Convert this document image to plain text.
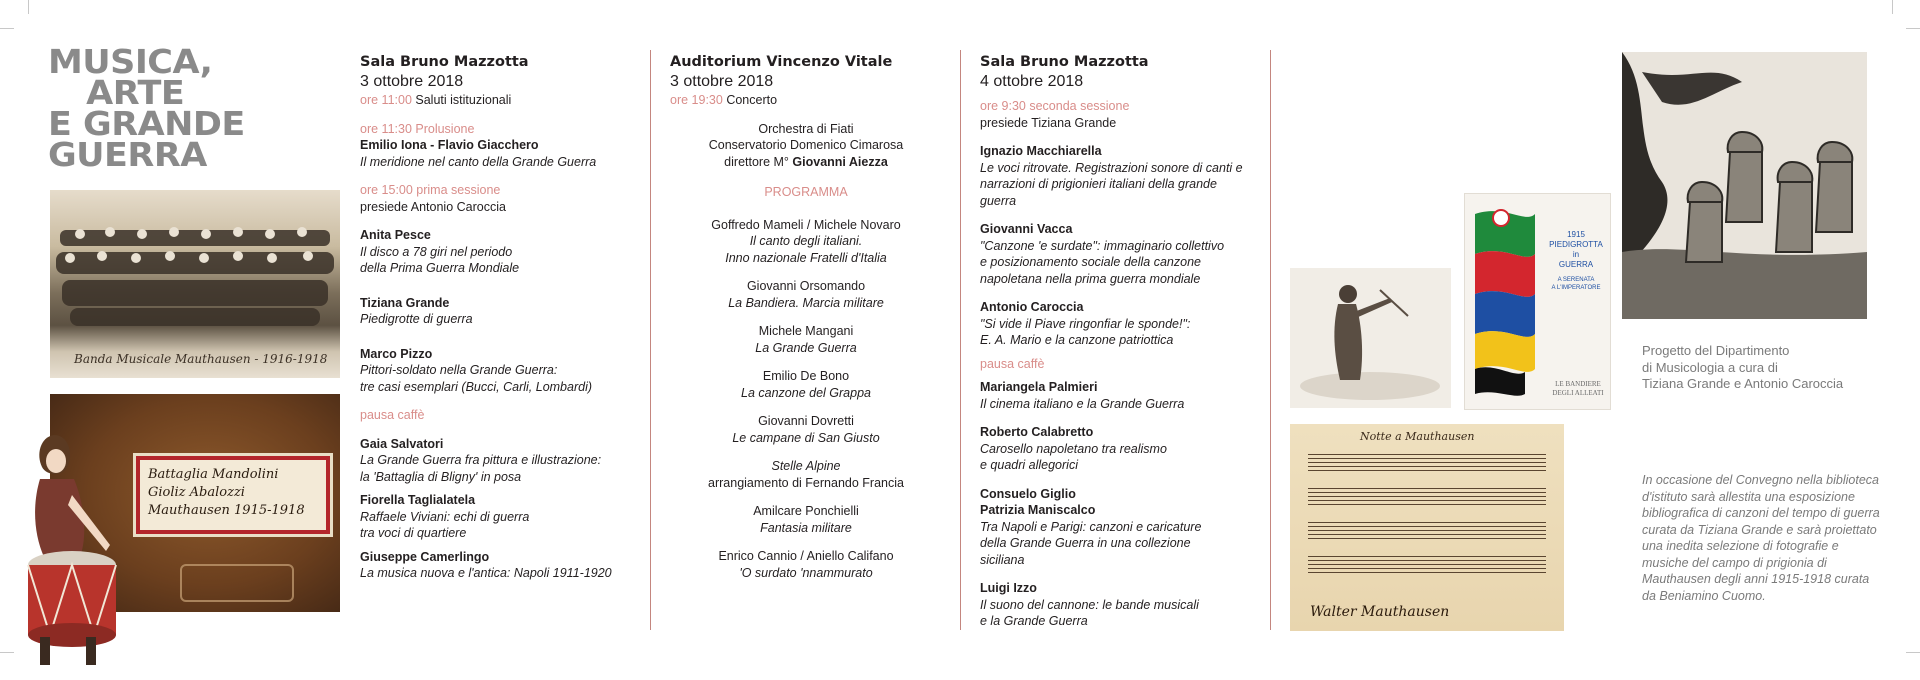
MUSICA,
ARTE
E GRANDE
GUERRA
Banda Musicale Mauthausen - 1916-1918
Battaglia Mandolini
Gioliz Abalozzi
Mauthausen 1915-1918

Sala Bruno Mazzotta

3 ottobre 2018

ore 11:00 Saluti istituzionali

ore 11:30 Prolusione

Emilio Iona - Flavio Giacchero

Il meridione nel canto della Grande Guerra

ore 15:00 prima sessione

presiede Antonio Caroccia

Anita Pesce

Il disco a 78 giri nel periodo

della Prima Guerra Mondiale

Tiziana Grande

Piedigrotte di guerra

Marco Pizzo

Pittori-soldato nella Grande Guerra:

tre casi esemplari (Bucci, Carli, Lombardi)

pausa caffè

Gaia Salvatori

La Grande Guerra fra pittura e illustrazione:

la 'Battaglia di Bligny' in posa

Fiorella Taglialatela

Raffaele Viviani: echi di guerra

tra voci di quartiere

Giuseppe Camerlingo

La musica nuova e l'antica: Napoli 1911-1920

Auditorium Vincenzo Vitale

3 ottobre 2018

ore 19:30 Concerto

Orchestra di Fiati

Conservatorio Domenico Cimarosa

direttore M° Giovanni Aiezza

PROGRAMMA

Goffredo Mameli / Michele Novaro

Il canto degli italiani.

Inno nazionale Fratelli d'Italia

Giovanni Orsomando

La Bandiera. Marcia militare

Michele Mangani

La Grande Guerra

Emilio De Bono

La canzone del Grappa

Giovanni Dovretti

Le campane di San Giusto

Stelle Alpine

arrangiamento di Fernando Francia

Amilcare Ponchielli

Fantasia militare

Enrico Cannio / Aniello Califano

'O surdato 'nnammurato

Sala Bruno Mazzotta

4 ottobre 2018

ore 9:30 seconda sessione

presiede Tiziana Grande

Ignazio Macchiarella

Le voci ritrovate. Registrazioni sonore di canti e

narrazioni di prigionieri italiani della grande

guerra

Giovanni Vacca

"Canzone 'e surdate": immaginario collettivo

e posizionamento sociale della canzone

napoletana nella prima guerra mondiale

Antonio Caroccia

"Si vide il Piave ringonfiar le sponde!":

E. A. Mario e la canzone patriottica

pausa caffè

Mariangela Palmieri

Il cinema italiano e la Grande Guerra

Roberto Calabretto

Carosello napoletano tra realismo

e quadri allegorici

Consuelo Giglio

Patrizia Maniscalco

Tra Napoli e Parigi: canzoni e caricature

della Grande Guerra in una collezione

siciliana

Luigi Izzo

Il suono del cannone: le bande musicali

e la Grande Guerra

1915
PIEDIGROTTA
in
GUERRA
A SERENATA
A L'IMPERATORE
LE BANDIERE
DEGLI ALLEATI
Notte a Mauthausen
Walter Mauthausen

Progetto del Dipartimento

di Musicologia a cura di

Tiziana Grande e Antonio Caroccia

In occasione del Convegno nella biblioteca d'istituto sarà allestita una esposizione bibliografica di canzoni del tempo di guerra curata da Tiziana Grande e sarà proiettato una inedita selezione di fotografie e musiche del campo di prigionia di Mauthausen degli anni 1915-1918 curata da Beniamino Cuomo.
